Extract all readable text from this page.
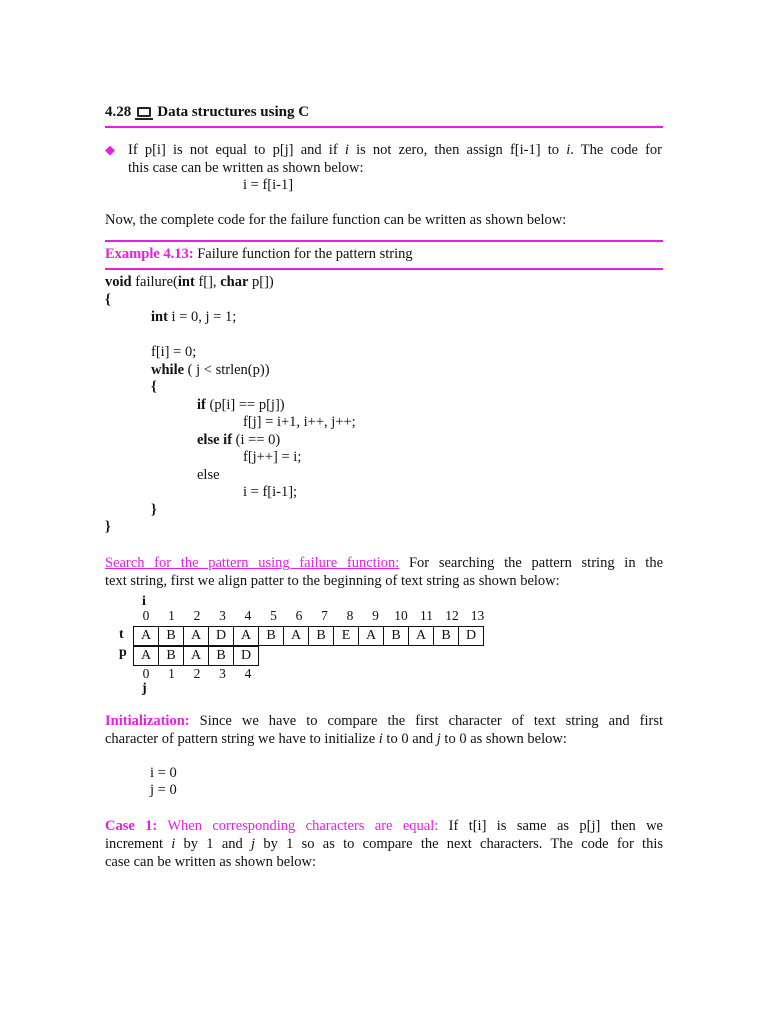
4.28 Data structures using C
◆ If p[i] is not equal to p[j] and if i is not zero, then assign f[i-1] to i. The code for
this case can be written as shown below:
i = f[i-1]
Now, the complete code for the failure function can be written as shown below:
Example 4.13: Failure function for the pattern string
void failure(int f[], char p[])
{
int i = 0, j = 1;
f[i] = 0;
while ( j < strlen(p))
{
if (p[i] == p[j])
f[j] = i+1, i++, j++;
else if (i == 0)
f[j++] = i;
else
i = f[i-1];
}
}
Search for the pattern using failure function: For searching the pattern string in the
text string, first we align patter to the beginning of text string as shown below:
i
0	1	2	3	4	5	6	7	8	9	10 11 12 13
t A	B	A	D	A	B	A	B	E	A	B	A	B	D
p A	B	A	B	D
0	1	2	3	4
j
Initialization: Since we have to compare the first character of text string and first
character of pattern string we have to initialize i to 0 and j to 0 as shown below:
i = 0
j = 0
Case 1: When corresponding characters are equal: If t[i] is same as p[j] then we
increment i by 1 and j by 1 so as to compare the next characters. The code for this
case can be written as shown below:
